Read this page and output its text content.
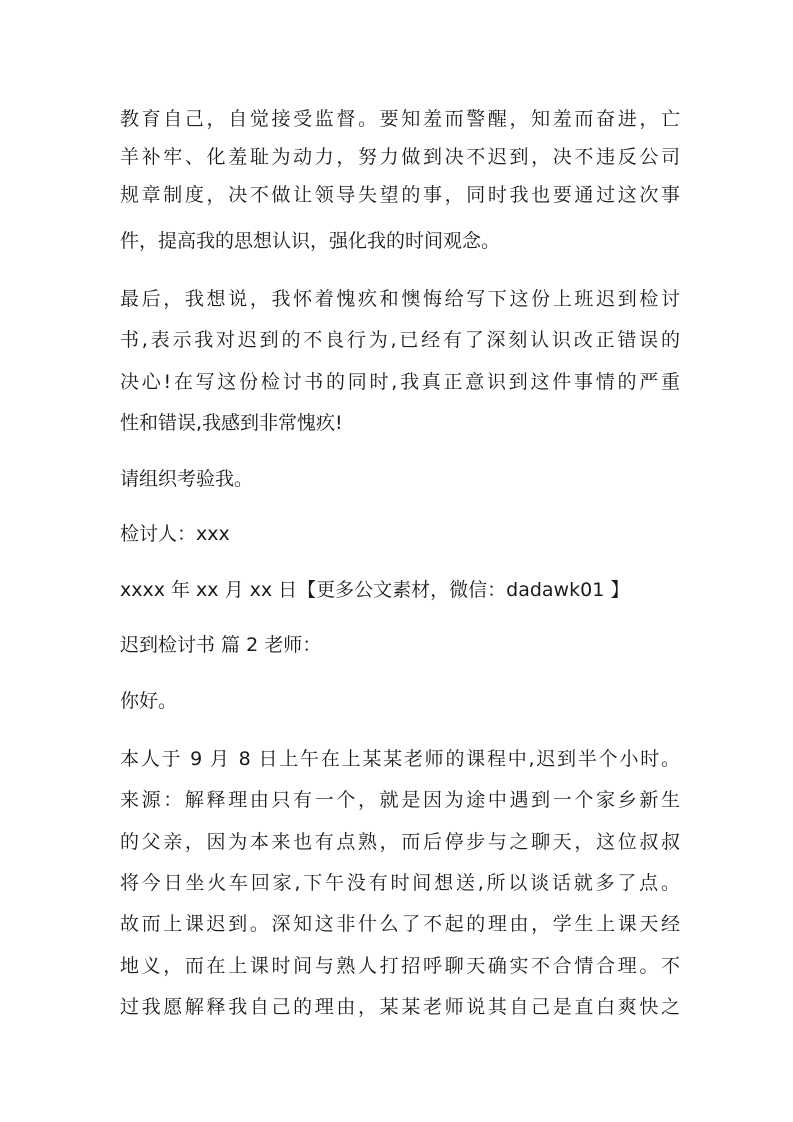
教育自己，自觉接受监督。要知羞而警醒，知羞而奋进，亡
羊补牢、化羞耻为动力，努力做到决不迟到，决不违反公司
规章制度，决不做让领导失望的事，同时我也要通过这次事
件，提高我的思想认识，强化我的时间观念。
最后，我想说，我怀着愧疚和懊悔给写下这份上班迟到检讨
书,表示我对迟到的不良行为,已经有了深刻认识改正错误的
决心!在写这份检讨书的同时,我真正意识到这件事情的严重
性和错误,我感到非常愧疚!
请组织考验我。
检讨人：xxx
xxxx 年 xx 月 xx 日【更多公文素材，微信：dadawk01 】
迟到检讨书 篇 2 老师：
你好。
本人于 9 月 8 日上午在上某某老师的课程中,迟到半个小时。
来源：解释理由只有一个，就是因为途中遇到一个家乡新生
的父亲，因为本来也有点熟，而后停步与之聊天，这位叔叔
将今日坐火车回家,下午没有时间想送,所以谈话就多了点。
故而上课迟到。深知这非什么了不起的理由，学生上课天经
地义，而在上课时间与熟人打招呼聊天确实不合情合理。不
过我愿解释我自己的理由，某某老师说其自己是直白爽快之
